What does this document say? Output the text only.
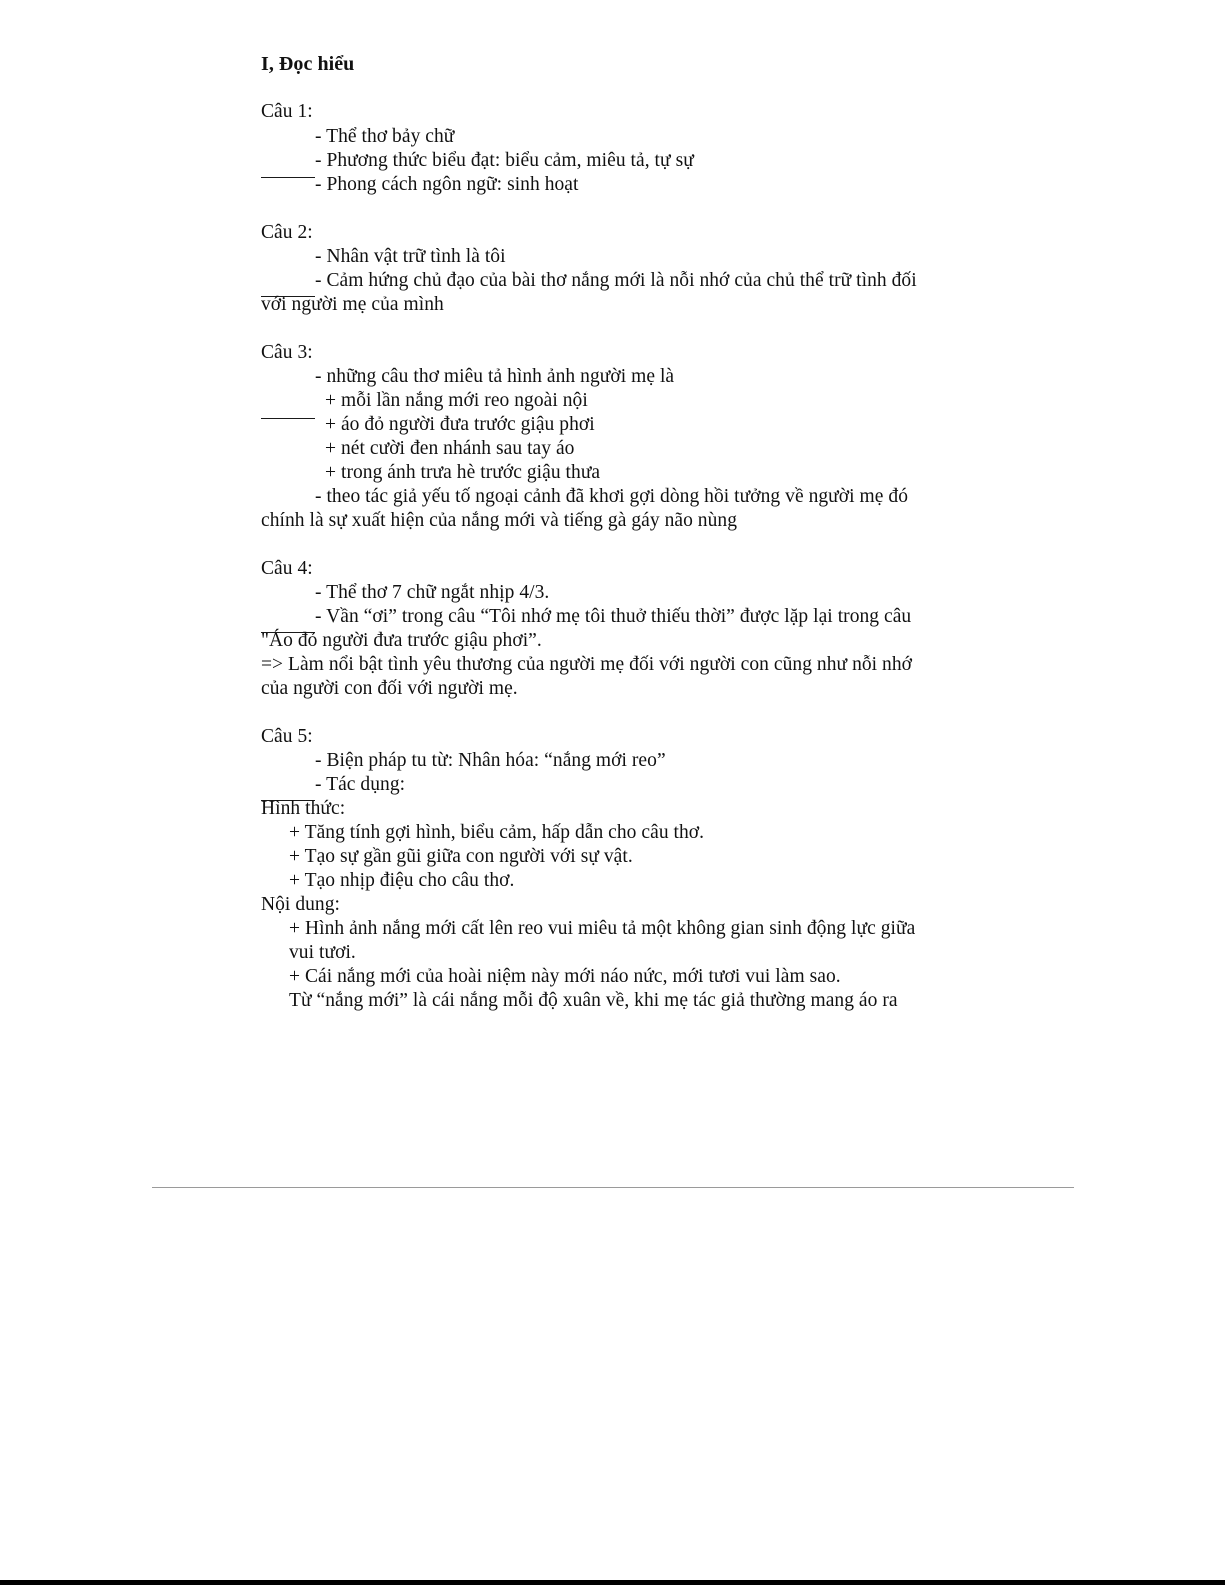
I, Đọc hiểu
Câu 1:
- Thể thơ bảy chữ
- Phương thức biểu đạt: biểu cảm, miêu tả, tự sự
- Phong cách ngôn ngữ: sinh hoạt
Câu 2:
- Nhân vật trữ tình là tôi
- Cảm hứng chủ đạo của bài thơ nắng mới là nỗi nhớ của chủ thể trữ tình đối
với người mẹ của mình
Câu 3:
- những câu thơ miêu tả hình ảnh người mẹ là
+ mỗi lần nắng mới reo ngoài nội
+ áo đỏ người đưa trước giậu phơi
+ nét cười đen nhánh sau tay áo
+ trong ánh trưa hè trước giậu thưa
- theo tác giả yếu tố ngoại cảnh đã khơi gợi dòng hồi tưởng về người mẹ đó
chính là sự xuất hiện của nắng mới và tiếng gà gáy não nùng
Câu 4:
- Thể thơ 7 chữ ngắt nhịp 4/3.
- Vần “ơi” trong câu “Tôi nhớ mẹ tôi thuở thiếu thời” được lặp lại trong câu
"Áo đỏ người đưa trước giậu phơi”.
=> Làm nổi bật tình yêu thương của người mẹ đối với người con cũng như nỗi nhớ
của người con đối với người mẹ.
Câu 5:
- Biện pháp tu từ: Nhân hóa: “nắng mới reo”
- Tác dụng:
Hình thức:
+ Tăng tính gợi hình, biểu cảm, hấp dẫn cho câu thơ.
+ Tạo sự gần gũi giữa con người với sự vật.
+ Tạo nhịp điệu cho câu thơ.
Nội dung:
+ Hình ảnh nắng mới cất lên reo vui miêu tả một không gian sinh động lực giữa
vui tươi.
+ Cái nắng mới của hoài niệm này mới náo nức, mới tươi vui làm sao.
Từ “nắng mới” là cái nắng mỗi độ xuân về, khi mẹ tác giả thường mang áo ra
